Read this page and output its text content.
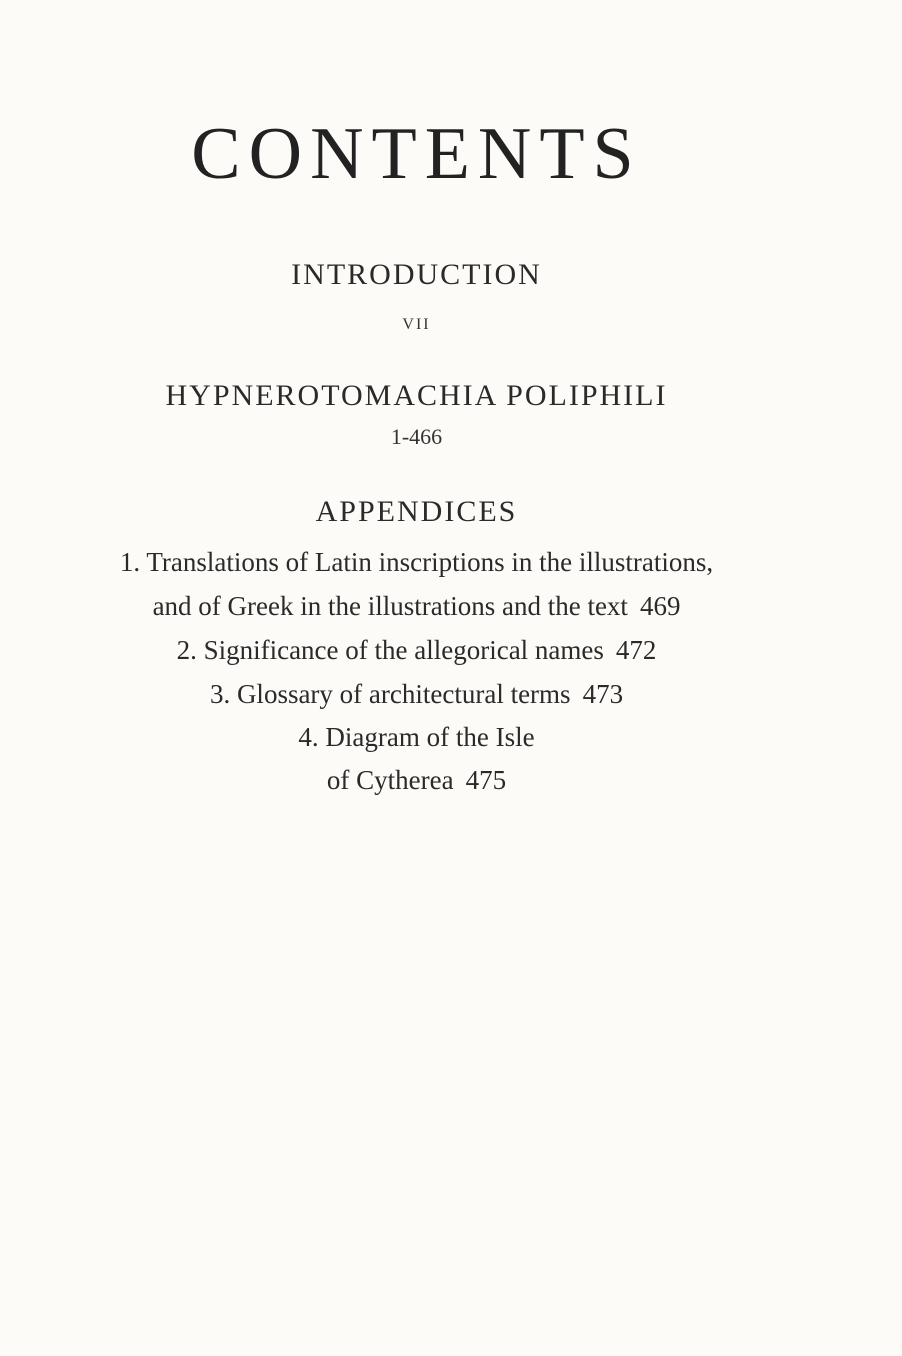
CONTENTS
INTRODUCTION
VII
HYPNEROTOMACHIA POLIPHILI
1-466
APPENDICES
1. Translations of Latin inscriptions in the illustrations,
and of Greek in the illustrations and the text 469
2. Significance of the allegorical names 472
3. Glossary of architectural terms 473
4. Diagram of the Isle
of Cytherea 475
